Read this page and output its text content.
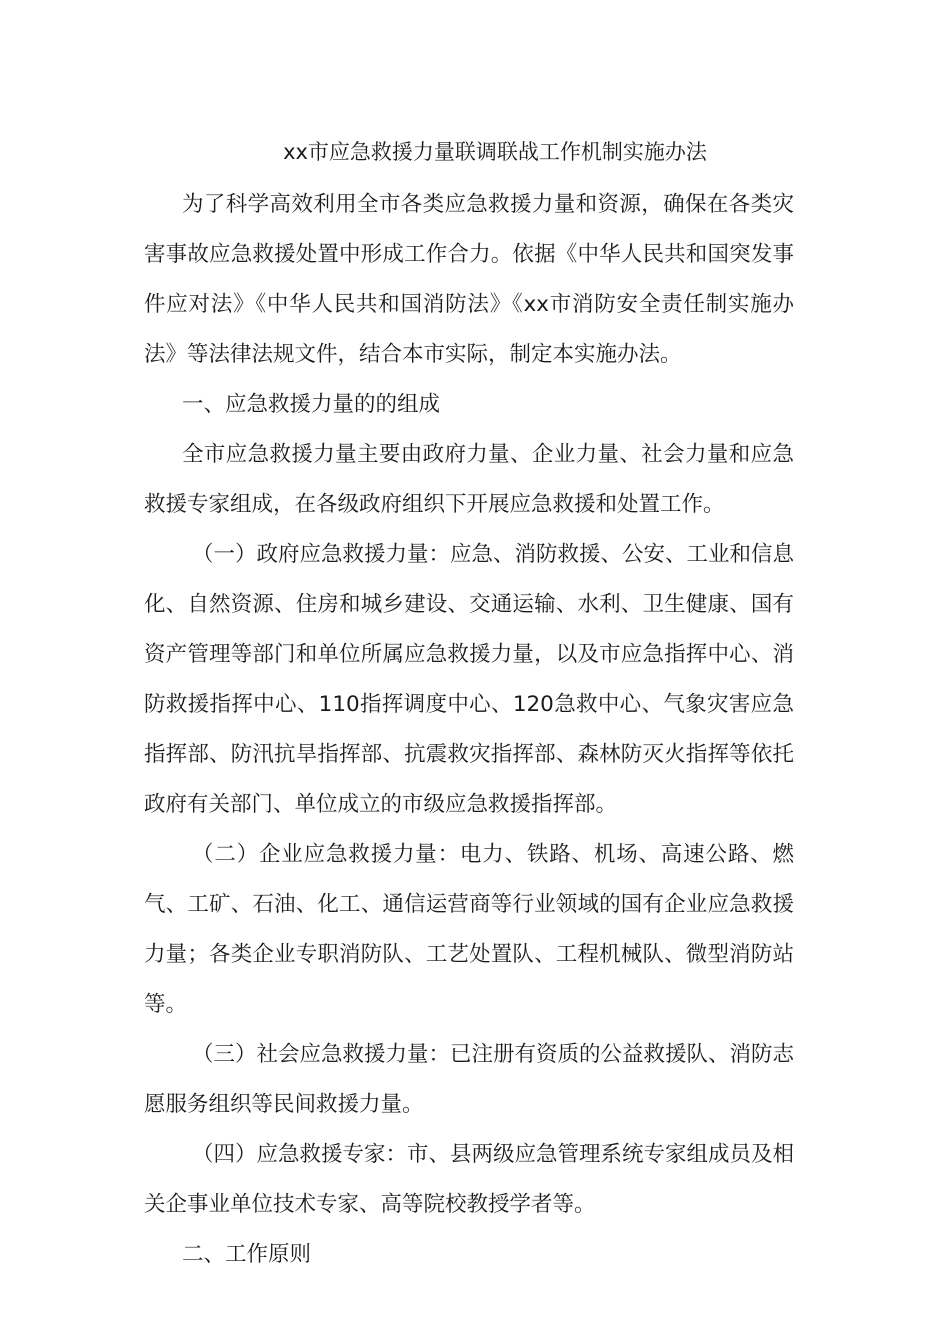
xx市应急救援力量联调联战工作机制实施办法

为了科学高效利用全市各类应急救援力量和资源，确保在各类灾害事故应急救援处置中形成工作合力。依据《中华人民共和国突发事件应对法》《中华人民共和国消防法》《xx市消防安全责任制实施办法》等法律法规文件，结合本市实际，制定本实施办法。

一、应急救援力量的的组成

全市应急救援力量主要由政府力量、企业力量、社会力量和应急救援专家组成，在各级政府组织下开展应急救援和处置工作。

（一）政府应急救援力量：应急、消防救援、公安、工业和信息化、自然资源、住房和城乡建设、交通运输、水利、卫生健康、国有资产管理等部门和单位所属应急救援力量，以及市应急指挥中心、消防救援指挥中心、110指挥调度中心、120急救中心、气象灾害应急指挥部、防汛抗旱指挥部、抗震救灾指挥部、森林防灭火指挥等依托政府有关部门、单位成立的市级应急救援指挥部。

（二）企业应急救援力量：电力、铁路、机场、高速公路、燃气、工矿、石油、化工、通信运营商等行业领域的国有企业应急救援力量；各类企业专职消防队、工艺处置队、工程机械队、微型消防站等。

（三）社会应急救援力量：已注册有资质的公益救援队、消防志愿服务组织等民间救援力量。

（四）应急救援专家：市、县两级应急管理系统专家组成员及相关企事业单位技术专家、高等院校教授学者等。

二、工作原则
